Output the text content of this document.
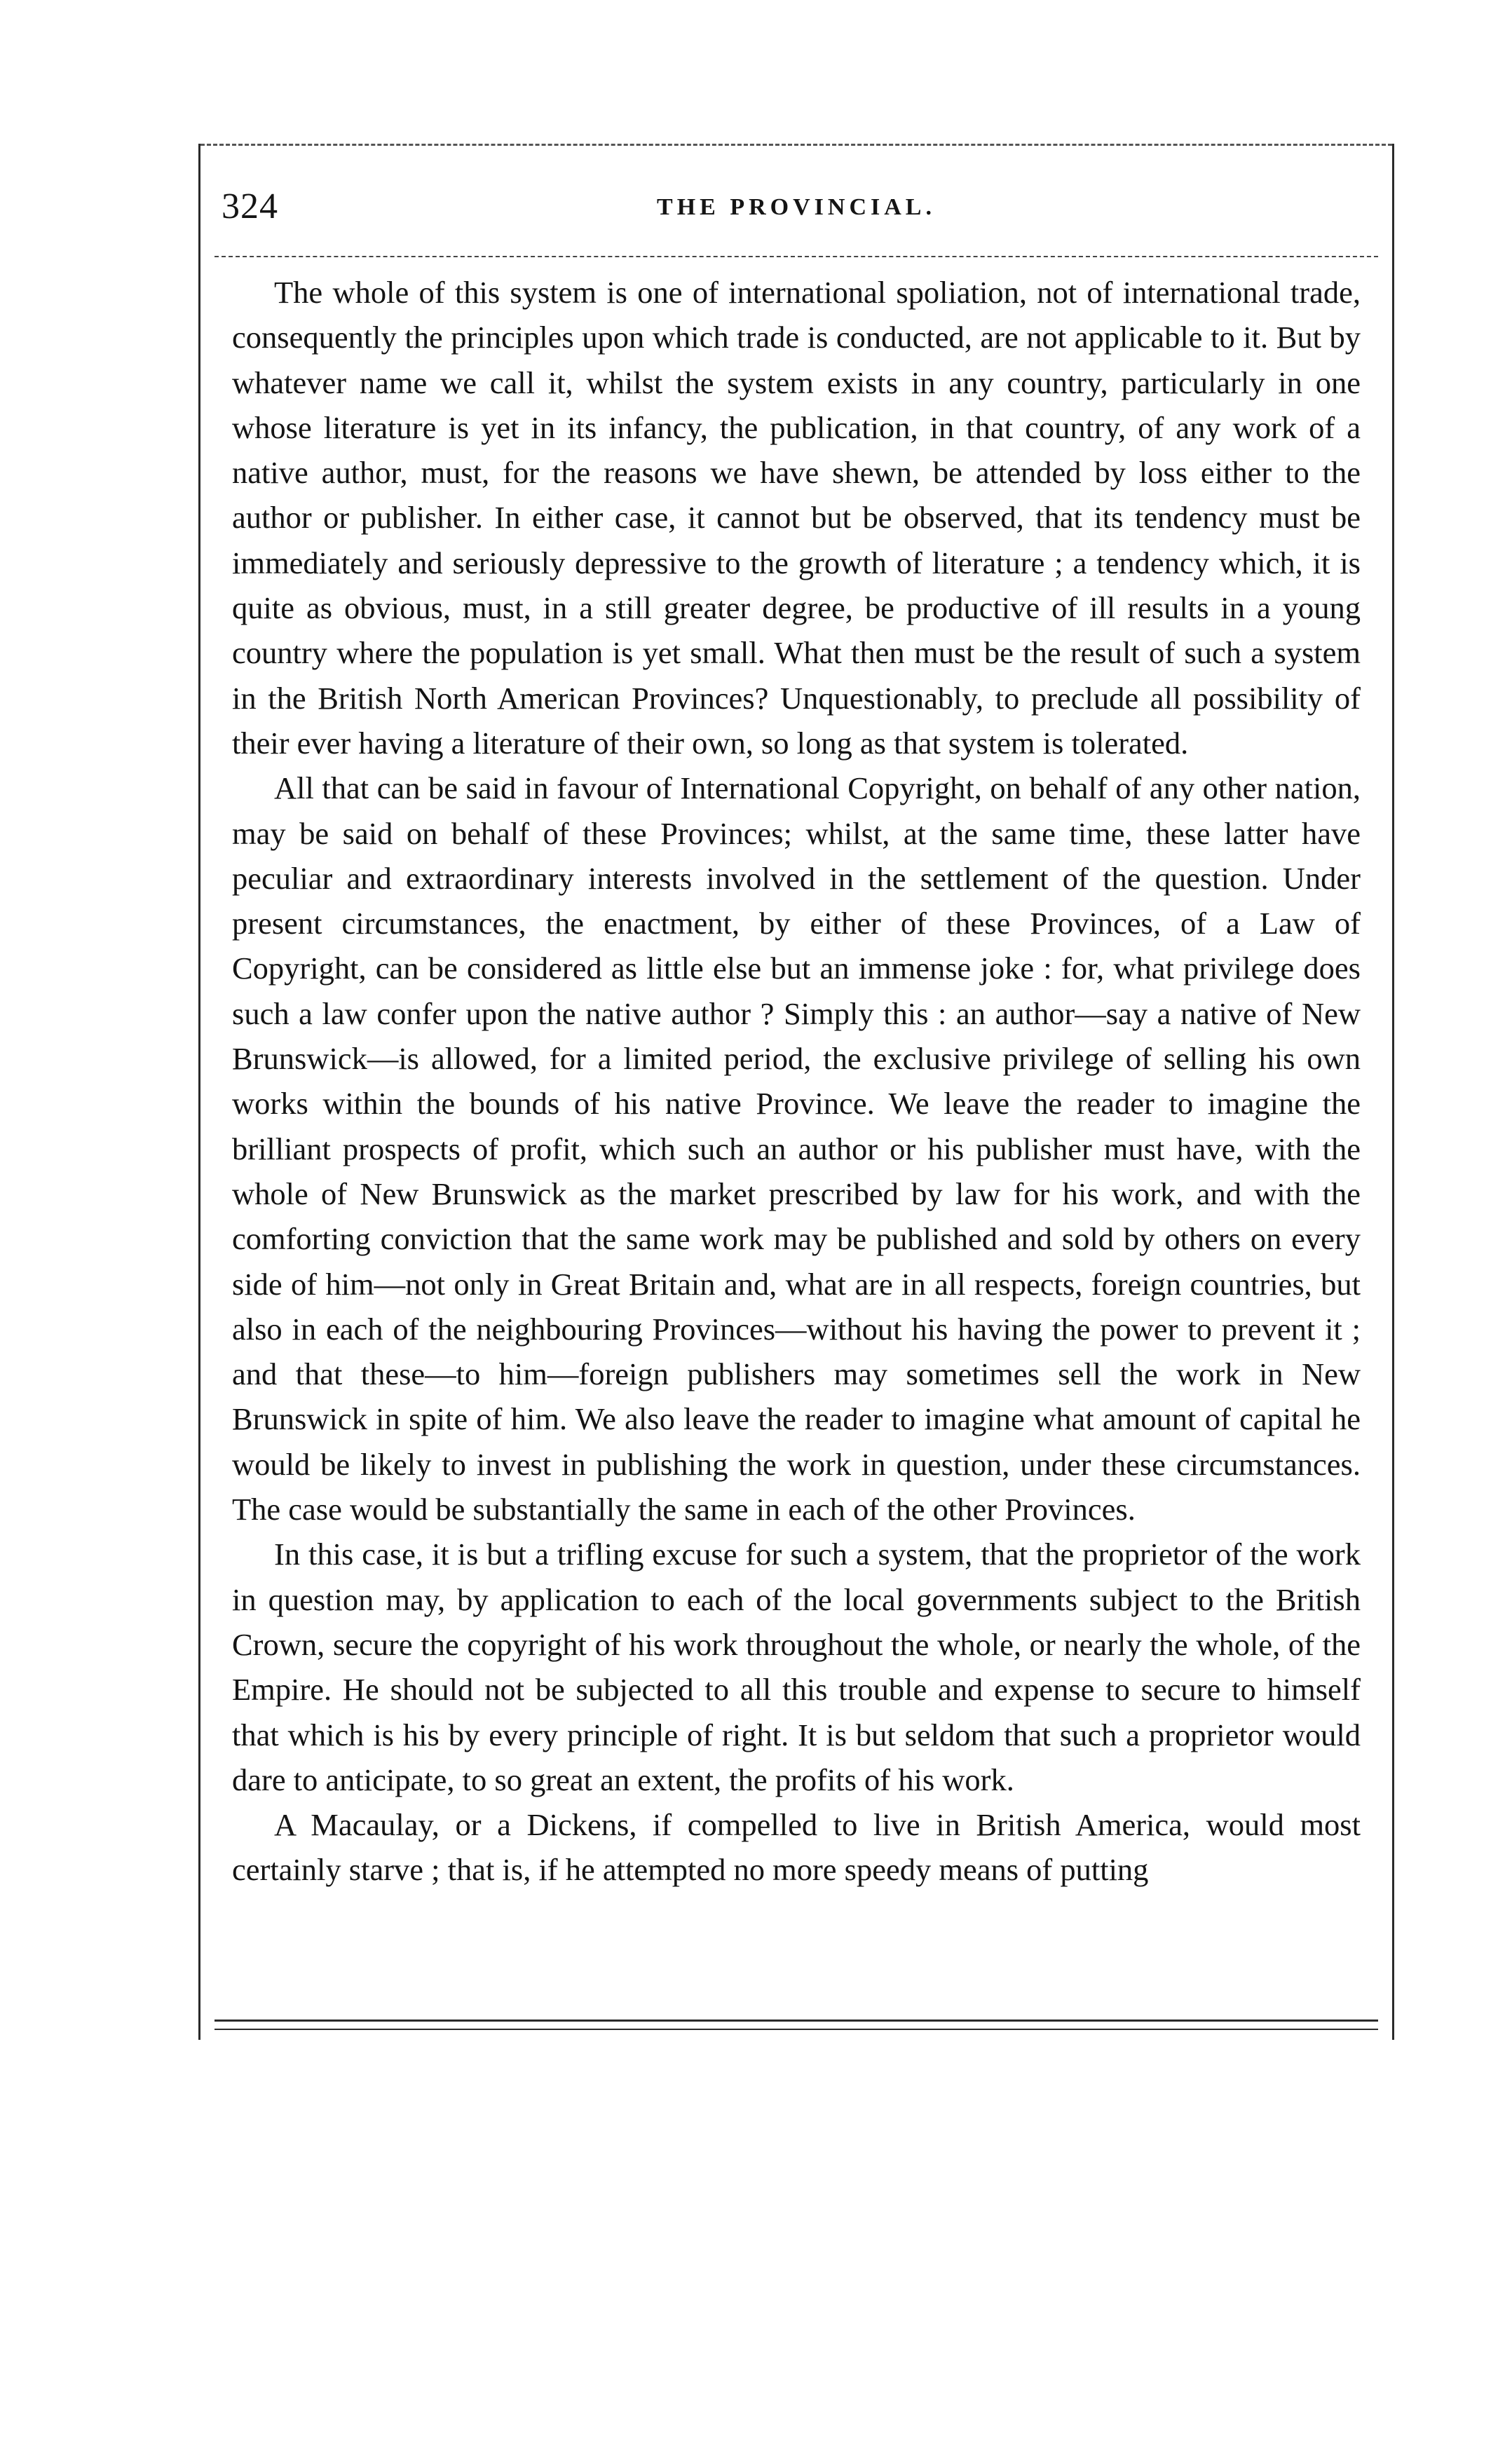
324	THE PROVINCIAL.

The whole of this system is one of international spoliation, not of international trade, consequently the principles upon which trade is conducted, are not applicable to it. But by whatever name we call it, whilst the system exists in any country, particularly in one whose literature is yet in its infancy, the publication, in that country, of any work of a native author, must, for the reasons we have shewn, be attended by loss either to the author or publisher. In either case, it cannot but be observed, that its tendency must be immediately and seriously depressive to the growth of literature ; a tendency which, it is quite as obvious, must, in a still greater degree, be productive of ill results in a young country where the population is yet small. What then must be the result of such a system in the British North American Provinces? Unquestionably, to preclude all possibility of their ever having a literature of their own, so long as that system is tolerated.

All that can be said in favour of International Copyright, on behalf of any other nation, may be said on behalf of these Provinces; whilst, at the same time, these latter have peculiar and extraordinary interests involved in the settlement of the question. Under present circumstances, the enactment, by either of these Provinces, of a Law of Copyright, can be considered as little else but an immense joke : for, what privilege does such a law confer upon the native author ? Simply this : an author—say a native of New Brunswick—is allowed, for a limited period, the exclusive privilege of selling his own works within the bounds of his native Province. We leave the reader to imagine the brilliant prospects of profit, which such an author or his publisher must have, with the whole of New Brunswick as the market prescribed by law for his work, and with the comforting conviction that the same work may be published and sold by others on every side of him—not only in Great Britain and, what are in all respects, foreign countries, but also in each of the neighbouring Provinces—without his having the power to prevent it ; and that these—to him—foreign publishers may sometimes sell the work in New Brunswick in spite of him. We also leave the reader to imagine what amount of capital he would be likely to invest in publishing the work in question, under these circumstances. The case would be substantially the same in each of the other Provinces.

In this case, it is but a trifling excuse for such a system, that the proprietor of the work in question may, by application to each of the local governments subject to the British Crown, secure the copyright of his work throughout the whole, or nearly the whole, of the Empire. He should not be subjected to all this trouble and expense to secure to himself that which is his by every principle of right. It is but seldom that such a proprietor would dare to anticipate, to so great an extent, the profits of his work.

A Macaulay, or a Dickens, if compelled to live in British America, would most certainly starve ; that is, if he attempted no more speedy means of putting
